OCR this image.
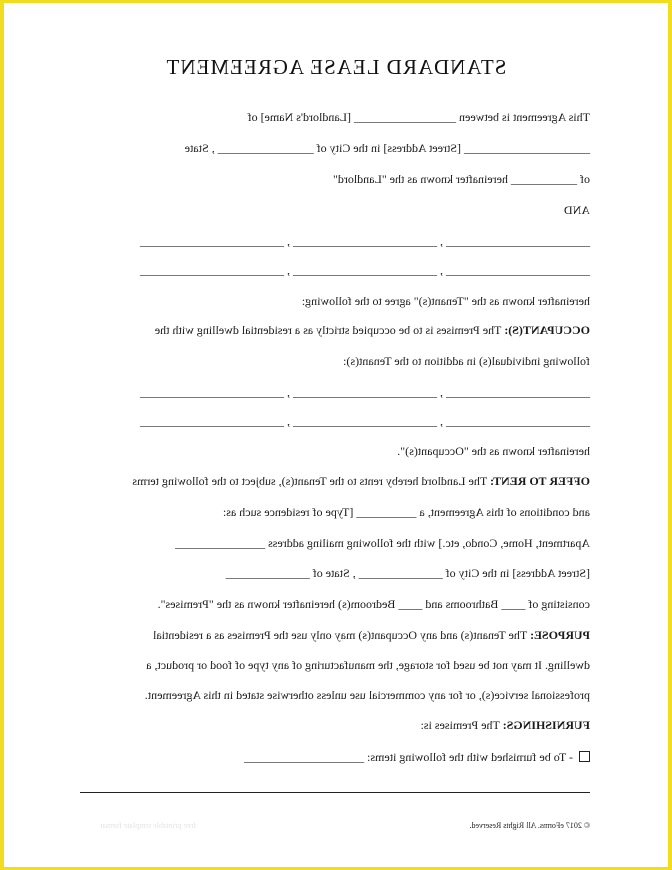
STANDARD LEASE AGREEMENT
This Agreement is between _________________ [Landlord's Name] of
_____________________ [Street Address] in the City of ________________ , State
of ___________ hereinafter known as the "Landlord"
AND
________________________ , ________________________ , ________________________
________________________ , ________________________ , ________________________
hereinafter known as the "Tenant(s)" agree to the following:
OCCUPANT(S): The Premises is to be occupied strictly as a residential dwelling with the
following individual(s) in addition to the Tenant(s):
________________________ , ________________________ , ________________________
________________________ , ________________________ , ________________________
hereinafter known as the "Occupant(s)".
OFFER TO RENT: The Landlord hereby rents to the Tenant(s), subject to the following terms
and conditions of this Agreement, a __________ [Type of residence such as:
Apartment, Home, Condo, etc.] with the following mailing address _______________
[Street Address] in the City of ______________ , State of ______________
consisting of ____ Bathrooms and ____ Bedroom(s) hereinafter known as the "Premises".
PURPOSE: The Tenant(s) and any Occupant(s) may only use the Premises as a residential
dwelling. It may not be used for storage, the manufacturing of any type of food or product, a
professional service(s), or for any commercial use unless otherwise stated in this Agreement.
FURNISHINGS: The Premises is:
- To be furnished with the following items: ____________________
© 2017 eForms. All Rights Reserved.
free printable template format
